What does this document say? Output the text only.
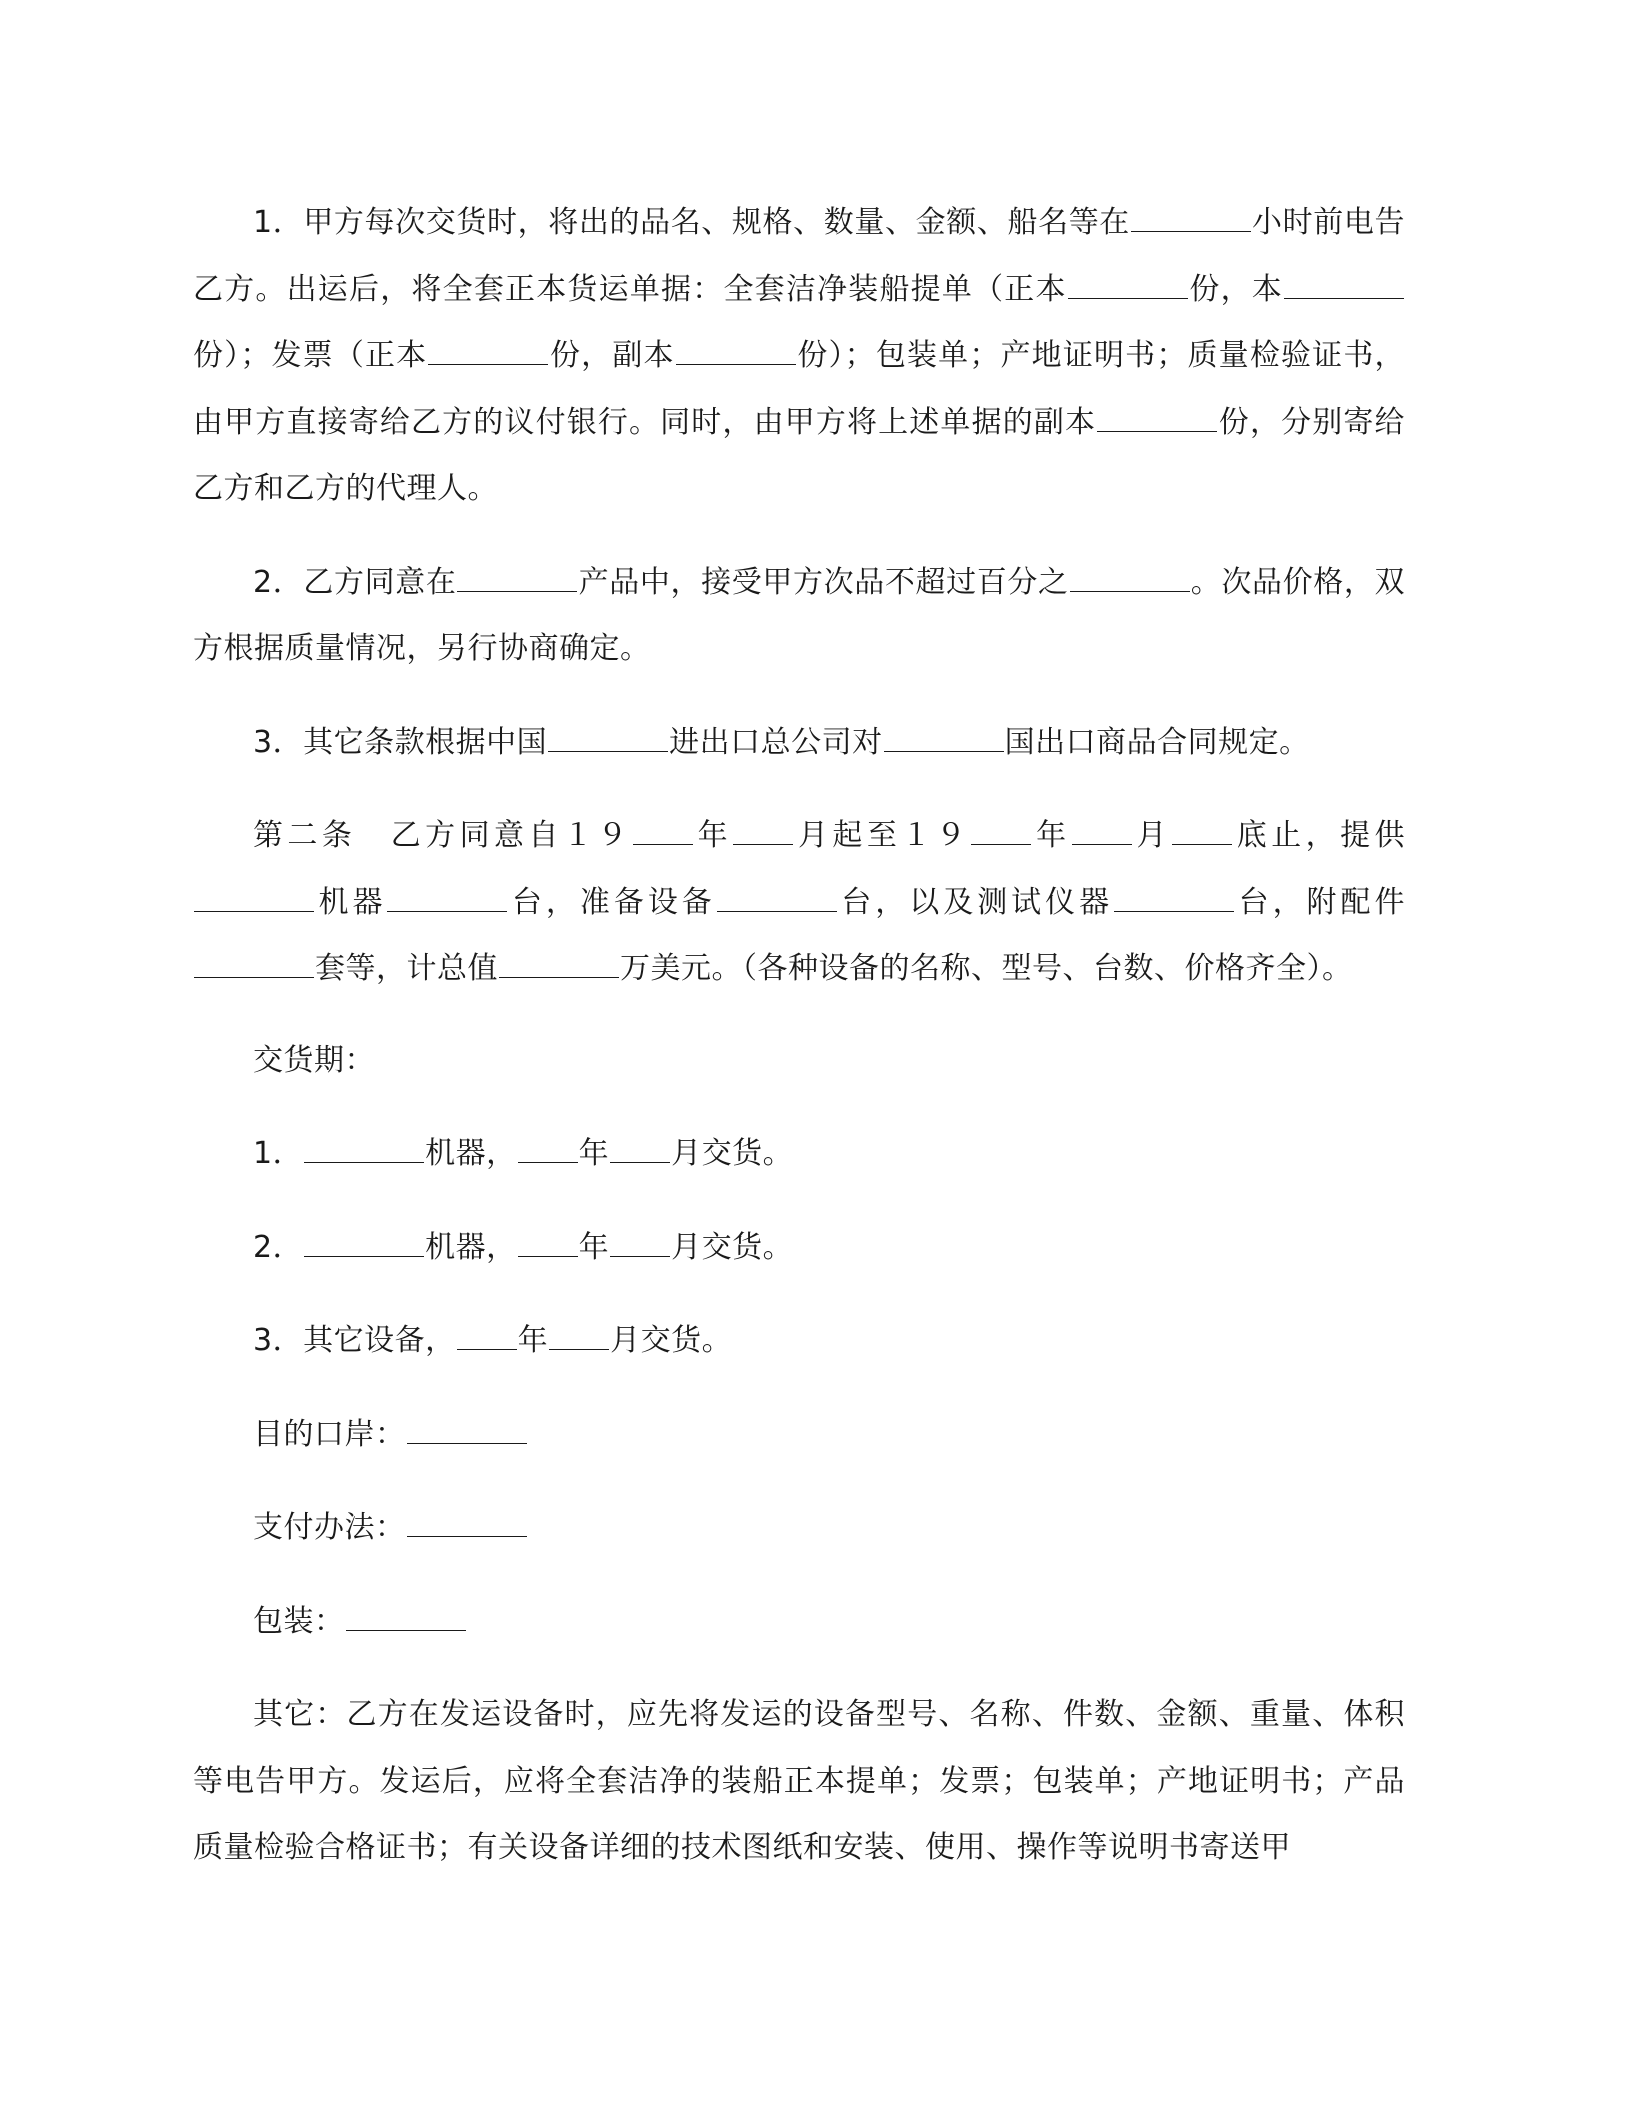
1．甲方每次交货时，将出的品名、规格、数量、金额、船名等在	小时前电告乙方。出运后，将全套正本货运单据：全套洁净装船提单（正本	份，本份）；发票（正本	份，副本	份）；包装单；产地证明书；质量检验证书，由甲方直接寄给乙方的议付银行。同时，由甲方将上述单据的副本	份，分别寄给乙方和乙方的代理人。

2．乙方同意在	产品中，接受甲方次品不超过百分之	。次品价格，双方根据质量情况，另行协商确定。

3．其它条款根据中国	进出口总公司对	国出口商品合同规定。

第二条　乙方同意自１９ 年 月起至１９ 年 月 底止，提供机器	台，准备设备	台，以及测试仪器	台，附配件套等，计总值	万美元。（各种设备的名称、型号、台数、价格齐全）。

交货期：

1．	机器， 年 月交货。

2．	机器， 年 月交货。

3．其它设备， 年 月交货。

目的口岸：

支付办法：

包装：

其它：乙方在发运设备时，应先将发运的设备型号、名称、件数、金额、重量、体积等电告甲方。发运后，应将全套洁净的装船正本提单；发票；包装单；产地证明书；产品质量检验合格证书；有关设备详细的技术图纸和安装、使用、操作等说明书寄送甲
